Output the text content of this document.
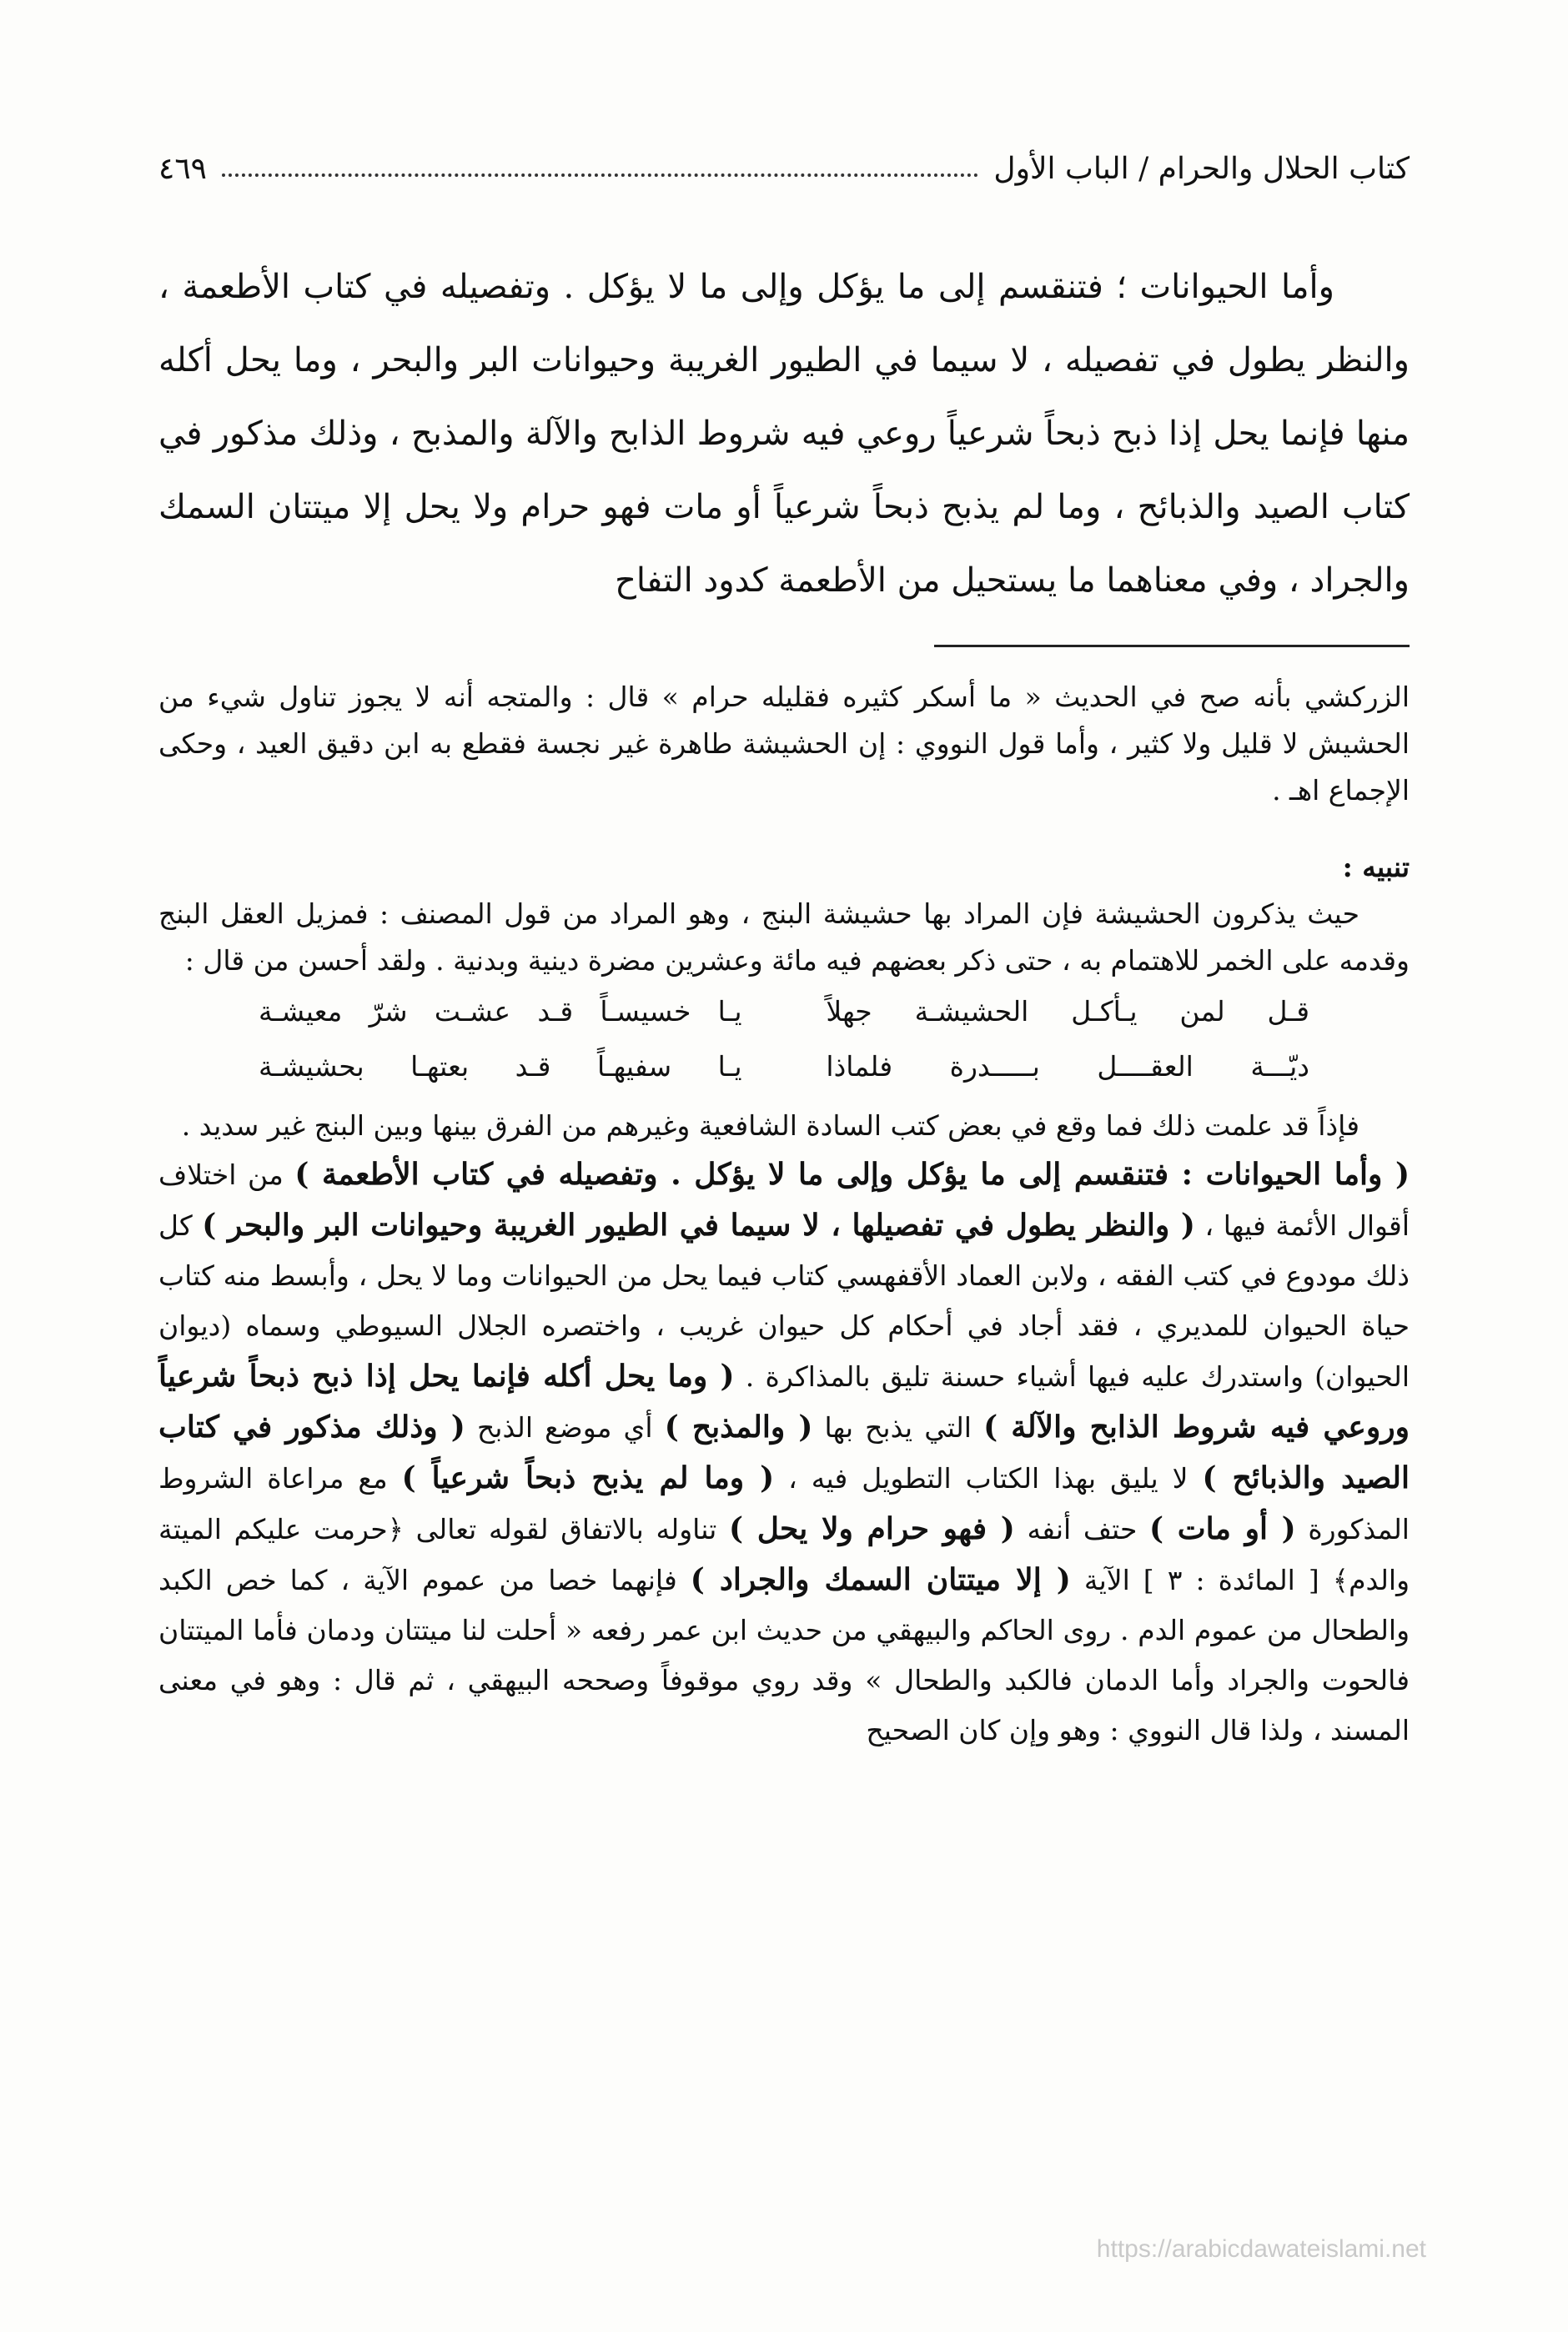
كتاب الحلال والحرام / الباب الأول
٤٦٩

وأما الحيوانات ؛ فتنقسم إلى ما يؤكل وإلى ما لا يؤكل . وتفصيله في كتاب الأطعمة ، والنظر يطول في تفصيله ، لا سيما في الطيور الغريبة وحيوانات البر والبحر ، وما يحل أكله منها فإنما يحل إذا ذبح ذبحاً شرعياً روعي فيه شروط الذابح والآلة والمذبح ، وذلك مذكور في كتاب الصيد والذبائح ، وما لم يذبح ذبحاً شرعياً أو مات فهو حرام ولا يحل إلا ميتتان السمك والجراد ، وفي معناهما ما يستحيل من الأطعمة كدود التفاح

الزركشي بأنه صح في الحديث « ما أسكر كثيره فقليله حرام » قال : والمتجه أنه لا يجوز تناول شيء من الحشيش لا قليل ولا كثير ، وأما قول النووي : إن الحشيشة طاهرة غير نجسة فقطع به ابن دقيق العيد ، وحكى الإجماع اهـ .

تنبيه :

حيث يذكرون الحشيشة فإن المراد بها حشيشة البنج ، وهو المراد من قول المصنف : فمزيل العقل البنج وقدمه على الخمر للاهتمام به ، حتى ذكر بعضهم فيه مائة وعشرين مضرة دينية وبدنية . ولقد أحسن من قال :

قـل لمن يـأكـل الحشيشـة جهلاً
يـا خسيسـاً قـد عشـت شرّ معيشـة
ديّـــة العقــــل بـــــدرة فلماذا
يـا سفيهـاً قـد بعتهـا بحشيشـة

فإذاً قد علمت ذلك فما وقع في بعض كتب السادة الشافعية وغيرهم من الفرق بينها وبين البنج غير سديد .

( وأما الحيوانات : فتنقسم إلى ما يؤكل وإلى ما لا يؤكل . وتفصيله في كتاب الأطعمة ) من اختلاف أقوال الأئمة فيها ، ( والنظر يطول في تفصيلها ، لا سيما في الطيور الغريبة وحيوانات البر والبحر ) كل ذلك مودوع في كتب الفقه ، ولابن العماد الأقفهسي كتاب فيما يحل من الحيوانات وما لا يحل ، وأبسط منه كتاب حياة الحيوان للمديري ، فقد أجاد في أحكام كل حيوان غريب ، واختصره الجلال السيوطي وسماه (ديوان الحيوان) واستدرك عليه فيها أشياء حسنة تليق بالمذاكرة . ( وما يحل أكله فإنما يحل إذا ذبح ذبحاً شرعياً وروعي فيه شروط الذابح والآلة ) التي يذبح بها ( والمذبح ) أي موضع الذبح ( وذلك مذكور في كتاب الصيد والذبائح ) لا يليق بهذا الكتاب التطويل فيه ، ( وما لم يذبح ذبحاً شرعياً ) مع مراعاة الشروط المذكورة ( أو مات ) حتف أنفه ( فهو حرام ولا يحل ) تناوله بالاتفاق لقوله تعالى ﴿حرمت عليكم الميتة والدم﴾ [ المائدة : ٣ ] الآية ( إلا ميتتان السمك والجراد ) فإنهما خصا من عموم الآية ، كما خص الكبد والطحال من عموم الدم . روى الحاكم والبيهقي من حديث ابن عمر رفعه « أحلت لنا ميتتان ودمان فأما الميتتان فالحوت والجراد وأما الدمان فالكبد والطحال » وقد روي موقوفاً وصححه البيهقي ، ثم قال : وهو في معنى المسند ، ولذا قال النووي : وهو وإن كان الصحيح

https://arabicdawateislami.net
